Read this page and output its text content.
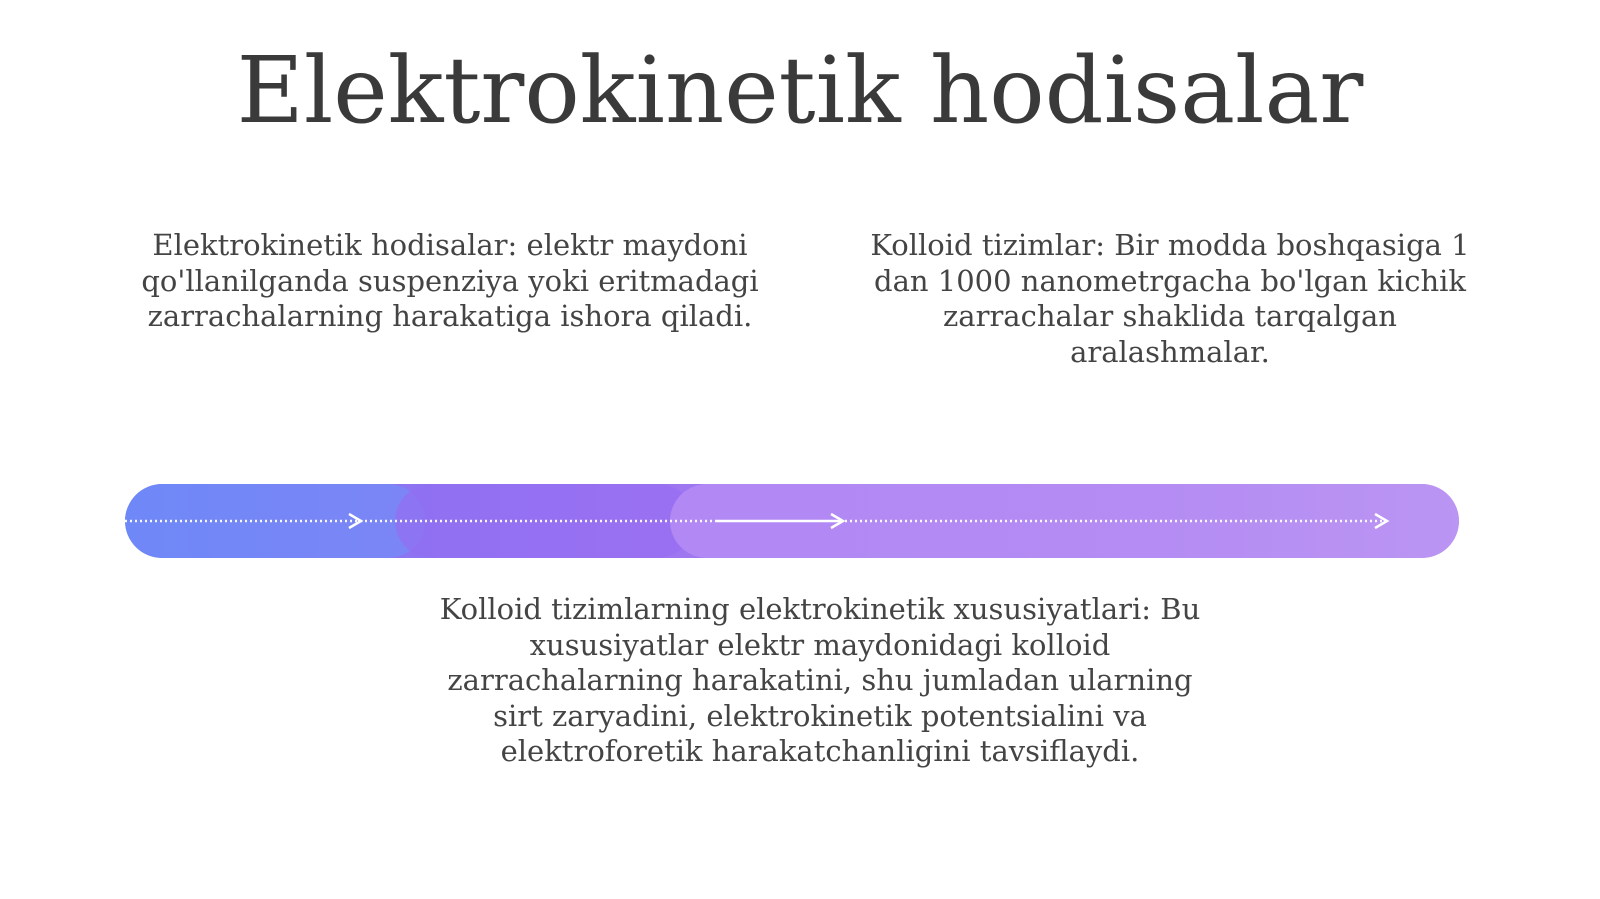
Elektrokinetik hodisalar
Elektrokinetik hodisalar: elektr maydoni qo'llanilganda suspenziya yoki eritmadagi zarrachalarning harakatiga ishora qiladi.
Kolloid tizimlar: Bir modda boshqasiga 1 dan 1000 nanometrgacha bo'lgan kichik zarrachalar shaklida tarqalgan aralashmalar.
Kolloid tizimlarning elektrokinetik xususiyatlari: Bu xususiyatlar elektr maydonidagi kolloid zarrachalarning harakatini, shu jumladan ularning sirt zaryadini, elektrokinetik potentsialini va elektroforetik harakatchanligini tavsiflaydi.
